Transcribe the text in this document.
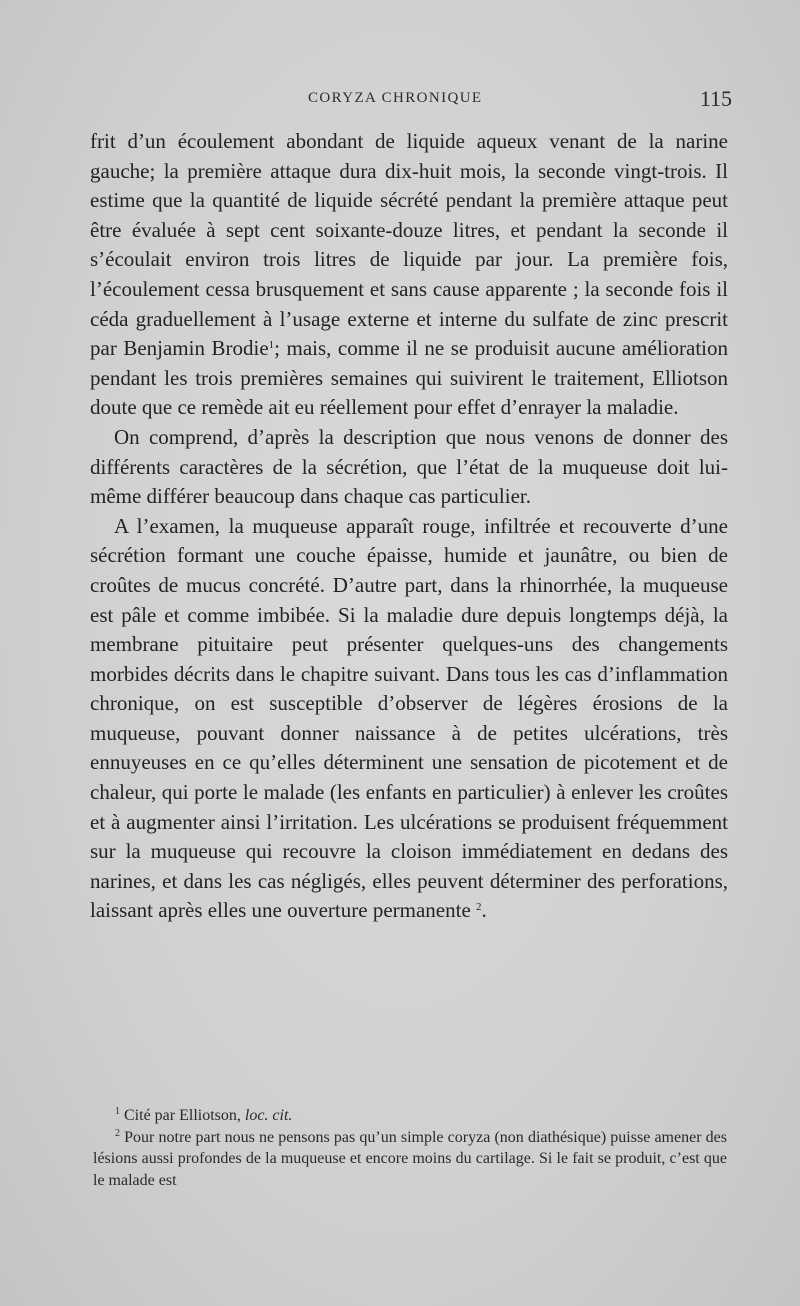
CORYZA CHRONIQUE	115

frit d’un écoulement abondant de liquide aqueux venant de la narine gauche; la première attaque dura dix-huit mois, la seconde vingt-trois. Il estime que la quantité de liquide sécrété pendant la première attaque peut être évaluée à sept cent soixante-douze litres, et pendant la seconde il s’écoulait environ trois litres de liquide par jour. La première fois, l’écoulement cessa brusquement et sans cause apparente ; la seconde fois il céda graduellement à l’usage externe et interne du sulfate de zinc prescrit par Benjamin Brodie$^1$; mais, comme il ne se produisit aucune amélioration pendant les trois premières semaines qui suivirent le traitement, Elliotson doute que ce remède ait eu réellement pour effet d’enrayer la maladie.

On comprend, d’après la description que nous venons de donner des différents caractères de la sécrétion, que l’état de la muqueuse doit lui-même différer beaucoup dans chaque cas particulier.

A l’examen, la muqueuse apparaît rouge, infiltrée et recouverte d’une sécrétion formant une couche épaisse, humide et jaunâtre, ou bien de croûtes de mucus concrété. D’autre part, dans la rhinorrhée, la muqueuse est pâle et comme imbibée. Si la maladie dure depuis longtemps déjà, la membrane pituitaire peut présenter quelques-uns des changements morbides décrits dans le chapitre suivant. Dans tous les cas d’inflammation chronique, on est susceptible d’observer de légères érosions de la muqueuse, pouvant donner naissance à de petites ulcérations, très ennuyeuses en ce qu’elles déterminent une sensation de picotement et de chaleur, qui porte le malade (les enfants en particulier) à enlever les croûtes et à augmenter ainsi l’irritation. Les ulcérations se produisent fréquemment sur la muqueuse qui recouvre la cloison immédiatement en dedans des narines, et dans les cas négligés, elles peuvent déterminer des perforations, laissant après elles une ouverture permanente $^2$.

$^1$ Cité par Elliotson, loc. cit.

$^2$ Pour notre part nous ne pensons pas qu’un simple coryza (non diathésique) puisse amener des lésions aussi profondes de la muqueuse et encore moins du cartilage. Si le fait se produit, c’est que le malade est
